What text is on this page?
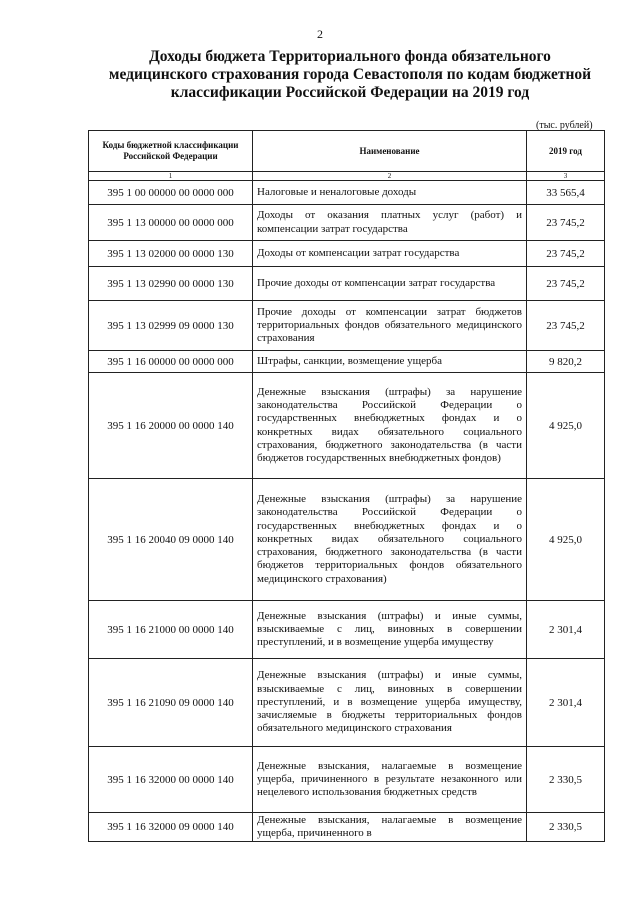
2
Доходы бюджета Территориального фонда обязательного медицинского страхования города Севастополя по кодам бюджетной классификации Российской Федерации на 2019 год
(тыс. рублей)
Коды бюджетной классификации Российской Федерации	Наименование	2019 год
1	2	3
395 1 00 00000 00 0000 000	Налоговые и неналоговые доходы	33 565,4
395 1 13 00000 00 0000 000	Доходы от оказания платных услуг (работ) и компенсации затрат государства	23 745,2
395 1 13 02000 00 0000 130	Доходы от компенсации затрат государства	23 745,2
395 1 13 02990 00 0000 130	Прочие доходы от компенсации затрат государства	23 745,2
395 1 13 02999 09 0000 130	Прочие доходы от компенсации затрат бюджетов территориальных фондов обязательного медицинского страхования	23 745,2
395 1 16 00000 00 0000 000	Штрафы, санкции, возмещение ущерба	9 820,2
395 1 16 20000 00 0000 140	Денежные взыскания (штрафы) за нарушение законодательства Российской Федерации о государственных внебюджетных фондах и о конкретных видах обязательного социального страхования, бюджетного законодательства (в части бюджетов государственных внебюджетных фондов)	4 925,0
395 1 16 20040 09 0000 140	Денежные взыскания (штрафы) за нарушение законодательства Российской Федерации о государственных внебюджетных фондах и о конкретных видах обязательного социального страхования, бюджетного законодательства (в части бюджетов территориальных фондов обязательного медицинского страхования)	4 925,0
395 1 16 21000 00 0000 140	Денежные взыскания (штрафы) и иные суммы, взыскиваемые с лиц, виновных в совершении преступлений, и в возмещение ущерба имуществу	2 301,4
395 1 16 21090 09 0000 140	Денежные взыскания (штрафы) и иные суммы, взыскиваемые с лиц, виновных в совершении преступлений, и в возмещение ущерба имуществу, зачисляемые в бюджеты территориальных фондов обязательного медицинского страхования	2 301,4
395 1 16 32000 00 0000 140	Денежные взыскания, налагаемые в возмещение ущерба, причиненного в результате незаконного или нецелевого использования бюджетных средств	2 330,5
395 1 16 32000 09 0000 140	Денежные взыскания, налагаемые в возмещение ущерба, причиненного в	2 330,5
